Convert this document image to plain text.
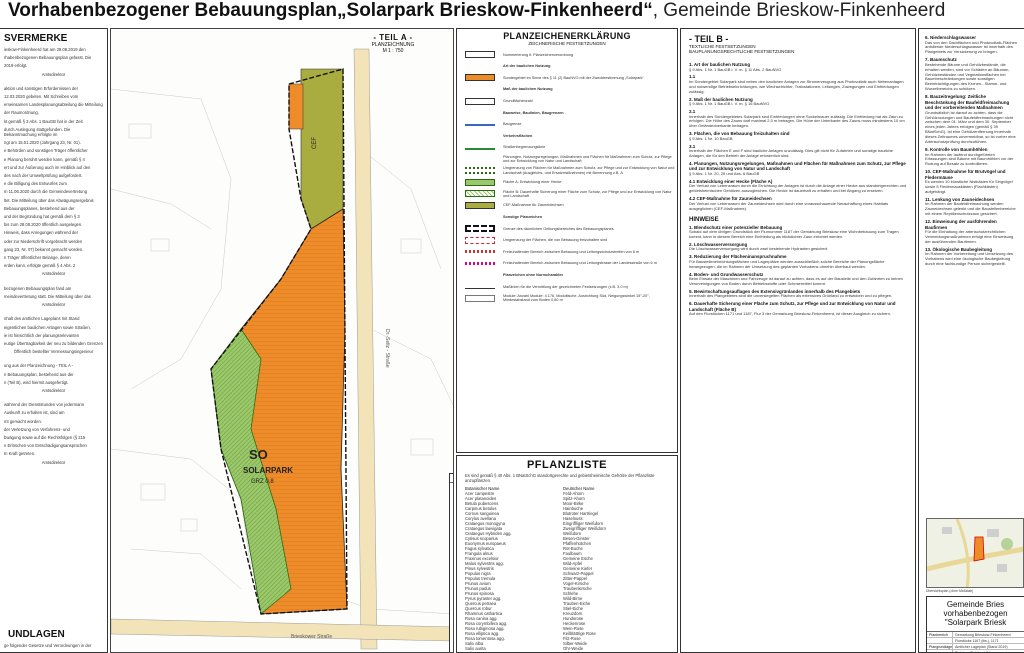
Vorhabenbezogener Bebauungsplan„Solarpark Brieskow-Finkenheerd“, Gemeinde Brieskow-Finkenheerd
SVERMERKE
ieskow-Finkenheerd hat am 29.08.2019 den
rhabenbezogenen Bebauungsplan gefasst. Die
2019 erfolgt.
Amtsdirektor
aktion und sonstigen Erfordernissen der
12.03.2020 gebeten. Mit Schreiben vom
emeinsamen Landesplanungsabteilung die Mitteilung
der Raumordnung.
kt gemäß § 3 Abs. 1 BauGB hat in der Zeit
durch Auslegung stattgefunden. Die Bekanntmachung erfolgte im
ngt am 15.01.2020 (Jahrgang 23, Nr. 01).
e Behörden und sonstigen Träger öffentlicher
e Planung berührt werden kann, gemäß § 4
ert und zur Äußerung auch im Hinblick auf den
des nach der Umweltprüfung aufgefordert.
e die Billigung des Entwurfes zum
m 11.06.2020 durch die Gemeindevertretung
ltet. Die Mitteilung über das Abwägungsergebnis
Bebauungsplanes, bestehend aus der
und der Begründung hat gemäß dem § 3
bis zum 28.08.2020 öffentlich ausgelegen.
Hinweis, dass Anregungen während der
oder zur Niederschrift vorgebracht werden
gang 23, Nr. 07) bekannt gemacht worden.
n Träger öffentlicher Belange, deren
erden kann, erfolgte gemäß § 4 Abs. 2
Amtsdirektor
bezogenen Bebauungsplan fand am
meindevertretung statt. Die Mitteilung über das
Amtsdirektor
nhalt des amtlichen Lageplans mit Stand
eigentlichen baulichen Anlagen sowie Straßen,
ie ist hinsichtlich der planungsrelevanten
eutige Übertragbarkeit der neu zu bildenden Grenzen
Öffentlich bestellter Vermessungsingenieur
ung aus der Planzeichnung - TEIL A -
n Bebauungsplan, bestehend aus der
n (Teil B), wird hiermit ausgefertigt.
Amtsdirektor
während der Dienststunden von jedermann
Auskunft zu erhalten ist, sind am
mt gemacht worden.
der Verletzung von Verfahrens- und
bwägung sowie auf die Rechtsfolgen (§ 215
n Erlöschen von Entschädigungsansprüchen
In Kraft getreten.
Amtsdirektor
UNDLAGEN
ge folgender Gesetze und Verordnungen in der
SO
SOLARPARK
GRZ 0,8
CEF
Dr.-Seltz - Straße
Brieskower Straße
- TEIL A -
PLANZEICHNUNG
M 1 : 750
PLANZEICHENERKLÄRUNG
ZEICHNERISCHE FESTSETZUNGEN
Nummerierung lt. Planzeichenverordnung
Art der baulichen Nutzung
Sondergebiet im Sinne des § 11 (2) BauNVO mit der Zweckbestimmung „Solarpark“
Maß der baulichen Nutzung
Grundflächenzahl
Bauweise, Baulinien, Baugrenzen
Baugrenze
Verkehrsflächen
Straßenbegrenzungslinie
Planungen, Nutzungsregelungen, Maßnahmen und Flächen für Maßnahmen zum Schutz, zur Pflege und zur Entwicklung von Natur und Landschaft
Umgrenzung von Flächen für Maßnahmen zum Schutz, zur Pflege und zur Entwicklung von Natur und Landschaft (Ausgleichs- und Ersatzmaßnahmen) mit Benennung z.B. A
Fläche A: Entwicklung einer Hecke
Fläche B: Dauerhafte Sicherung einer Fläche zum Schutz, zur Pflege und zur Entwicklung von Natur und Landschaft
CEF-Maßnahme für Zauneidechsen
Sonstige Planzeichen
Grenze des räumlichen Geltungsbereiches des Bebauungsplanes
Umgrenzung der Flächen, die von Bebauung freizuhalten sind
Freizuhaltender Bereich zwischen Bebauung und Leitungsschutzstreifen von 6 m
Freizuhaltender Bereich zwischen Bebauung und Leitungstrasse der Landesstraße von 6 m
Planzeichen ohne Normcharakter
Maßlinien für die Vermittlung der gezeichneten Festsetzungen (z.B. 3,0 m)
Module: Anzahl Module: 4.176, Modultische, Ausrichtung Süd, Neigungswinkel 15°-20°, Mindestabstand zum Boden 0,80 m
PFLANZLISTE
Es sind gemäß § 40 Abs. 1 BNatSchG standortgerechte und gebietsheimische Gehölze der Pflanzliste anzupflanzen.
Botanischer Name
Acer campestre
Acer platanoides
Betula pubescens
Carpinus betulus
Cornus sanguinea
Corylus avellana
Crataegus monogyna
Crataegus laevigata
Crataegus Hybriden agg.
Cytisus scoparius
Euonymus europaeus
Fagus sylvatica
Frangula alnus
Fraxinus excelsior
Malus sylvestris agg.
Pinus sylvestris
Populus nigra
Populus tremula
Prunus avium
Prunus padus
Prunus spinosa
Pyrus pyraster agg.
Quercus petraea
Quercus robur
Rhamnus cathartica
Rosa canina agg.
Rosa corymbifera agg.
Rosa rubiginosa agg.
Rosa elliptica agg.
Rosa tomentosa agg.
Salix alba
Salix aurita
Deutscher Name
Feld-Ahorn
Spitz-Ahorn
Moor-Birke
Hainbuche
Blutroter Hartriegel
Haselnuss
Eingriffliger Weißdorn
Zweigriffliger Weißdorn
Weißdorn
Besen-Ginster
Pfaffenhütchen
Rot-Buche
Faulbaum
Gemeine Esche
Wild-Apfel
Gemeine Kiefer
Schwarz-Pappel
Zitter-Pappel
Vogel-Kirsche
Traubenkirsche
Schlehe
Wild-Birne
Trauben-Eiche
Stiel-Eiche
Kreuzdorn
Hundsrose
Heckenrose
Wein-Rose
Keilblättrige Rose
Filz-Rose
Silber-Weide
Ohr-Weide
- TEIL B -
TEXTLICHE FESTSETZUNGEN
BAUPLANUNGSRECHTLICHE FESTSETZUNGEN
1. Art der baulichen Nutzung
§ 9 Abs. 1 Nr. 1 BauGB i. V. m. § 11 Abs. 2 BauNVO
1.1
Im Sondergebiet Solarpark sind neben den baulichen Anlagen zur Stromerzeugung aus Photovoltaik auch Nebenanlagen und notwendige Betriebseinrichtungen, wie Wechselrichter, Trafostationen, Leitungen, Zuwegungen und Einfriedungen zulässig.
2. Maß der baulichen Nutzung
§ 9 Abs. 1 Nr. 1 BauGB i. V. m. § 16 BauNVO
2.1
Innerhalb des Sondergebietes Solarpark sind Einfriedungen ohne Sockelmauer zulässig. Die Einfriedung hat als Zaun zu erfolgen. Die Höhe des Zauns darf maximal 2,0 m betragen. Die Höhe der Unterkante des Zauns muss mindestens 10 cm über Geländeoberkante betragen.
3. Flächen, die von Bebauung freizuhalten sind
§ 9 Abs. 1 Nr. 10 BauGB
3.1
Innerhalb der Flächen E und F sind bauliche Anlagen unzulässig. Dies gilt nicht für Zufahrten und sonstige bauliche Anlagen, die für den Betrieb der Anlage erforderlich sind.
4. Planungen, Nutzungsregelungen, Maßnahmen und Flächen für Maßnahmen zum Schutz, zur Pflege und zur Entwicklung von Natur und Landschaft
§ 9 Abs. 1 Nr. 20, 25 und Abs. 6 BauGB
4.1 Entwicklung einer Hecke (Fläche A)
Der Verlust von Lebensraum durch die Errichtung der Anlagen ist durch die Anlage einer Hecke aus standortgerechten und gebietsheimischen Gehölzen auszugleichen. Die Hecke ist dauerhaft zu erhalten und bei Abgang zu ersetzen.
4.2 CEF-Maßnahme für Zauneidechsen
Der Verlust von Lebensraum der Zauneidechsen wird durch eine vorausschauende Neuschaffung eines Habitats ausgeglichen (CEF-Maßnahme).
HINWEISE
1. Blendschutz einer potenzieller Bebauung
Sobald auf dem übrigen Grundstück der Flurnummer 1187 der Gemarkung Brieskow eine Wohnbebauung zum Tragen kommt, kann in diesem Bereich eine Einfriedung als blickdichter Zaun errichtet werden.
2. Löschwasserversorgung
Die Löschwasserversorgung wird durch zwei bestehende Hydranten gesichert.
3. Reduzierung der Flächeninanspruchnahme
Für Baustelleneinrichtungsflächen und Lagerplätze werden ausschließlich solche Bereiche der Planungsfläche herangezogen, die im Rahmen der Umsetzung des geplanten Vorhabens ohnehin überbaut werden.
4. Boden- und Grundwasserschutz
Beim Einsatz der Maschinen und Fahrzeuge ist darauf zu achten, dass es auf der Baustelle und den Zufahrten zu keinen Verunreinigungen von Boden durch Betriebsstoffe oder Schmiermittel kommt.
5. Bewirtschaftungsauflagen des Extensivgrünlandes innerhalb des Plangebiets
Innerhalb des Plangebietes sind die unversiegelten Flächen als extensives Grünland zu entwickeln und zu pflegen.
6. Dauerhafte Sicherung einer Fläche zum Schutz, zur Pflege und zur Entwicklung von Natur und Landschaft (Fläche B)
Auf den Flurstücken 1171 und 1187, Flur 3 der Gemarkung Brieskow-Finkenheerd, ist dieser Ausgleich zu sichern.
6. Niederschlagswasser
Das von den Dachflächen und Photovoltaik-Flächen anfallende Niederschlagswasser ist innerhalb des Plangebiets zur Versickerung zu bringen.
7. Baumschutz
Bestehende Bäume und Gehölzbestände, die erhalten werden, sind vor Schäden an Bäumen, Gehölzbeständen und Vegetationsflächen bei Baumbeschränkungen sowie sonstigen Beeinträchtigungen des Kronen-, Stamm- und Wurzelbereichs zu schützen.
8. Bauzeitregelung: Zeitliche Beschränkung der Baufeldfreimachung und der vorbereitenden Maßnahmen
Grundsätzlich ist darauf zu achten, dass die Gehölzrodungen und Baufeldfreimachungen nicht zwischen dem 01. März und dem 30. September eines jeden Jahres erfolgen (gemäß § 39 BNatSchG). Ist eine Gehölzentfernung innerhalb dieses Zeitraumes unvermeidbar, so ist vorher eine Artenschutzprüfung durchzuführen.
9. Kontrolle von Baumhöhlen
Im Rahmen der laufend durchgeführten Erfassungen sind Bäume mit Baumhöhlen vor der Rodung auf Besatz zu kontrollieren.
10. CEF-Maßnahme für Brutvögel und Fledermäuse
Es werden 10 künstliche Nistkästen für Singvögel sowie 5 Fledermauskästen (Flachkästen) aufgehängt.
11. Lenkung von Zauneidechsen
Im Rahmen der Baufeldfreimachung werden Zauneidechsen gelenkt und die Baustellenbereiche mit einem Reptilienschutzzaun gesichert.
12. Einweisung der ausführenden Baufirmen
Für die Einhaltung der artenschutzrechtlichen Vermeidungsmaßnahmen erfolgt eine Einweisung der ausführenden Baufirmen.
13. Ökologische Baubegleitung
Im Rahmen der Vorbereitung und Umsetzung des Vorhabens wird eine ökologische Baubegleitung durch eine fachkundige Person sichergestellt.
Übersichtsplan (ohne Maßstab)
Gemeinde Bries
vorhabenbezogen
"Solarpark Briesk
Planbereich	Gemarkung Brieskow-Finkenheerd
Flurstücke 1167 (tlw.), 1171
Plangrundlage Amtlicher Lageplan (Stand 2019)
Dipl.-Ing. Reinhard W.
